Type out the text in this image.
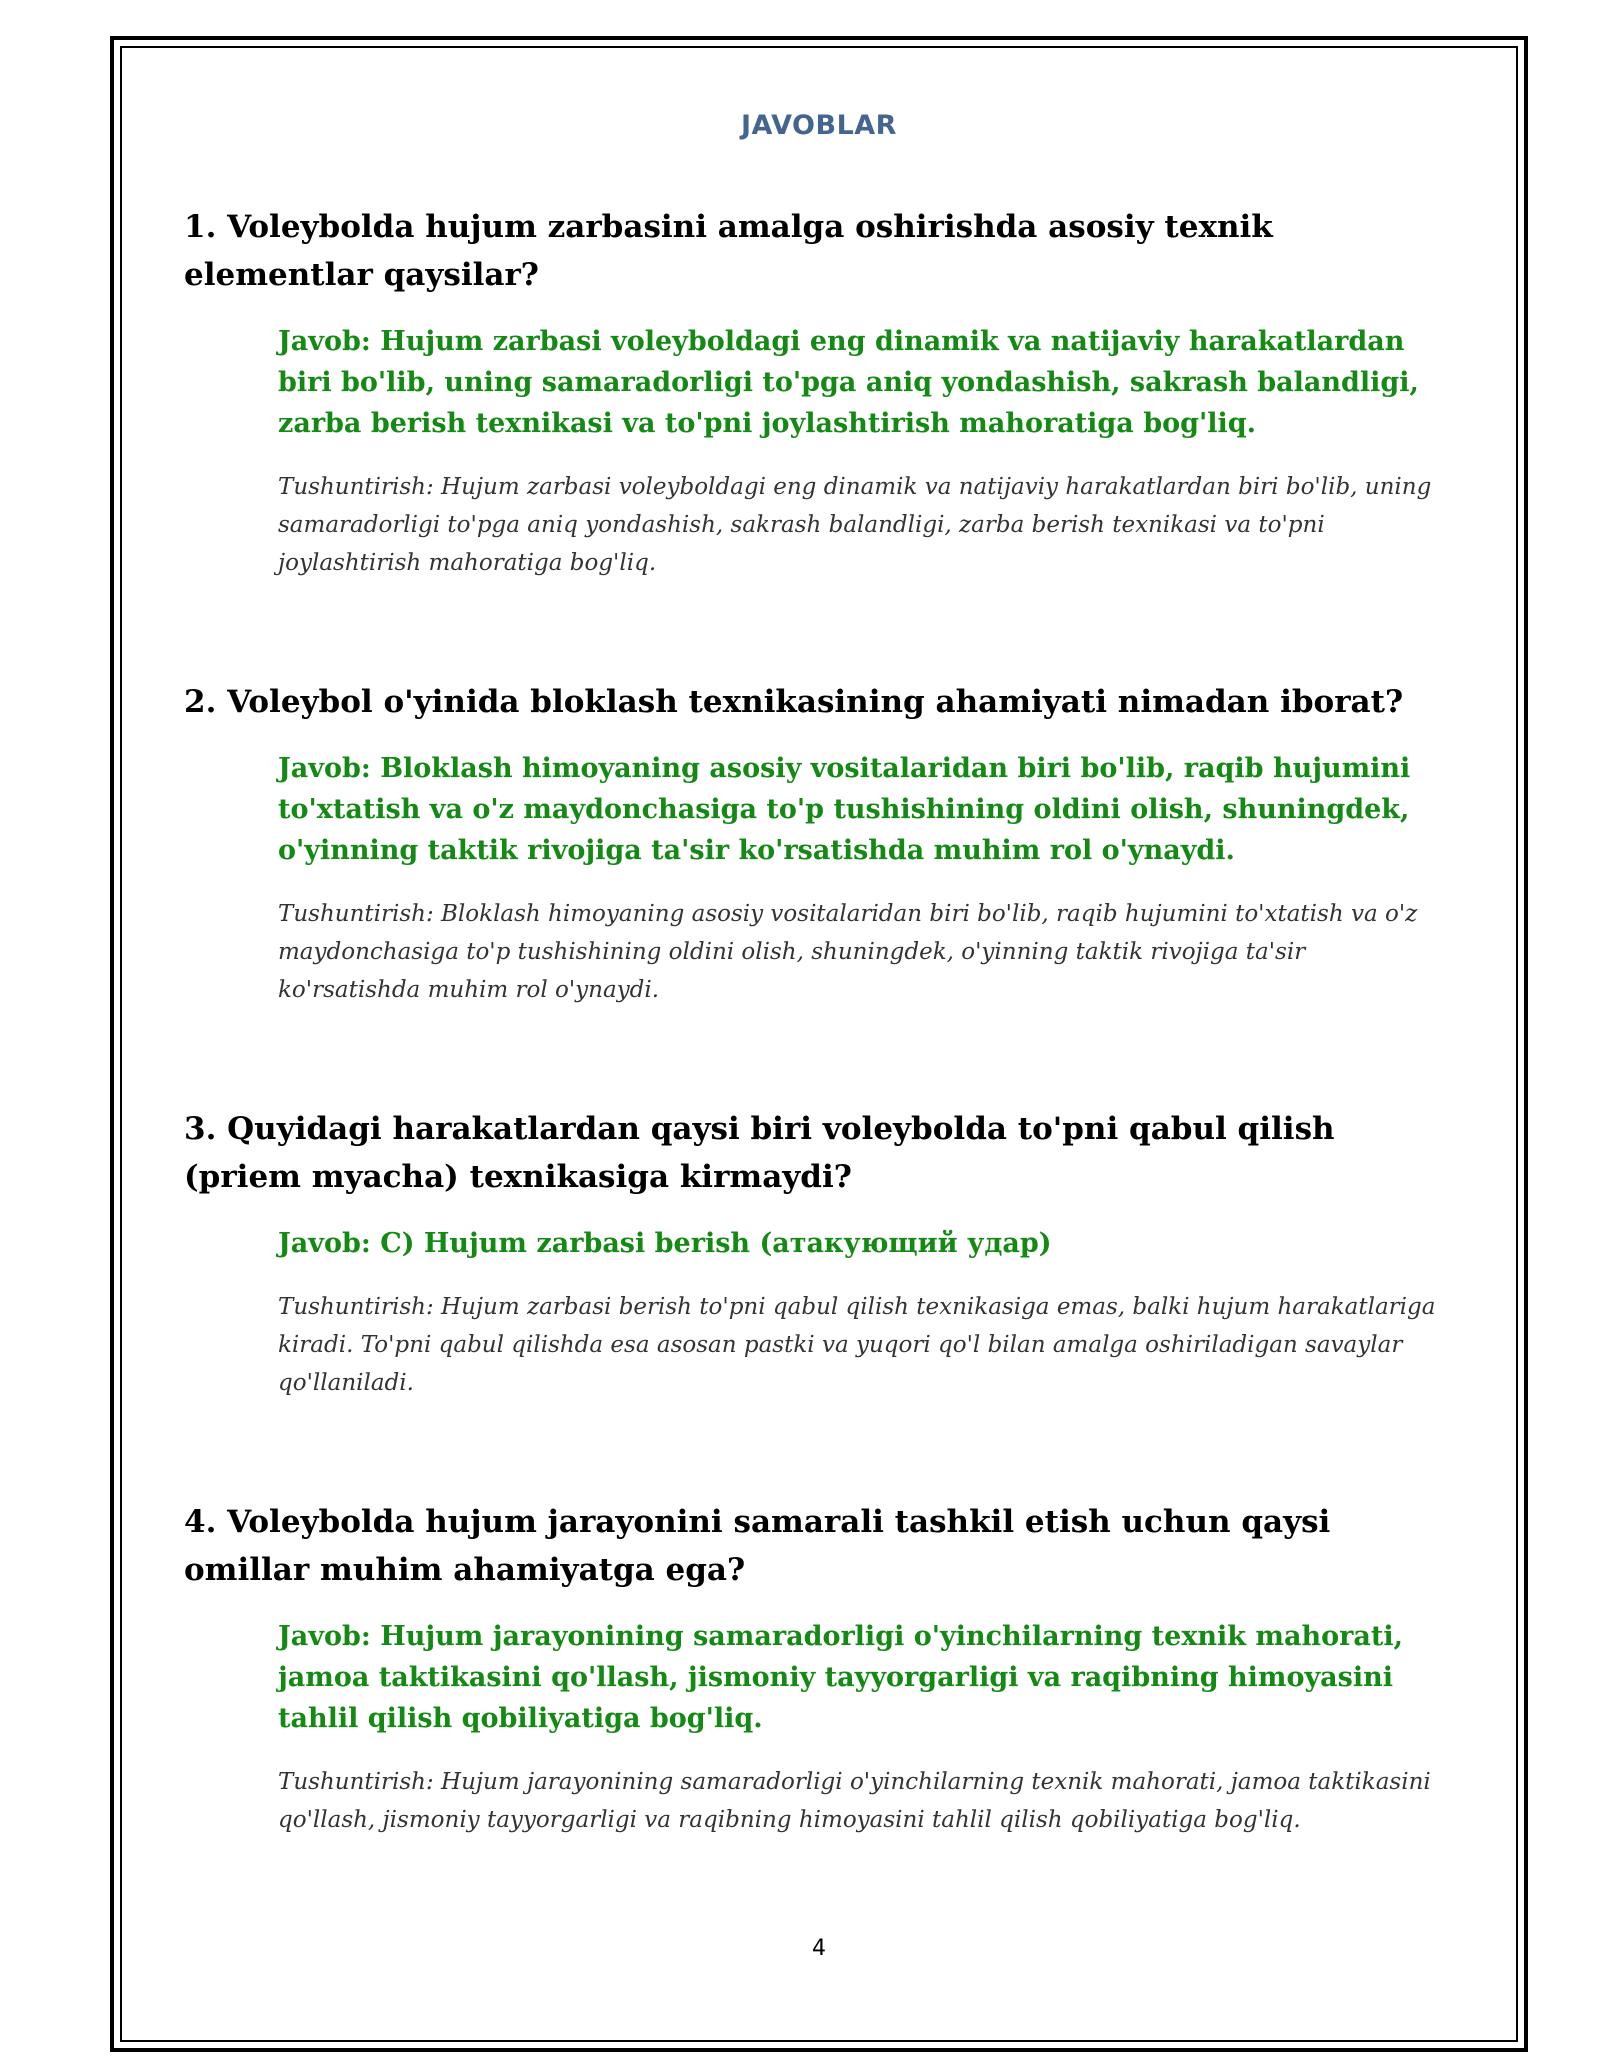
JAVOBLAR

1. Voleybolda hujum zarbasini amalga oshirishda asosiy texnik elementlar qaysilar?

Javob: Hujum zarbasi voleyboldagi eng dinamik va natijaviy harakatlardan biri bo'lib, uning samaradorligi to'pga aniq yondashish, sakrash balandligi, zarba berish texnikasi va to'pni joylashtirish mahoratiga bog'liq.
Tushuntirish: Hujum zarbasi voleyboldagi eng dinamik va natijaviy harakatlardan biri bo'lib, uning samaradorligi to'pga aniq yondashish, sakrash balandligi, zarba berish texnikasi va to'pni joylashtirish mahoratiga bog'liq.

2. Voleybol o'yinida bloklash texnikasining ahamiyati nimadan iborat?

Javob: Bloklash himoyaning asosiy vositalaridan biri bo'lib, raqib hujumini to'xtatish va o'z maydonchasiga to'p tushishining oldini olish, shuningdek, o'yinning taktik rivojiga ta'sir ko'rsatishda muhim rol o'ynaydi.
Tushuntirish: Bloklash himoyaning asosiy vositalaridan biri bo'lib, raqib hujumini to'xtatish va o'z maydonchasiga to'p tushishining oldini olish, shuningdek, o'yinning taktik rivojiga ta'sir ko'rsatishda muhim rol o'ynaydi.

3. Quyidagi harakatlardan qaysi biri voleybolda to'pni qabul qilish (priem myacha) texnikasiga kirmaydi?

Javob: C) Hujum zarbasi berish (атакующий удар)
Tushuntirish: Hujum zarbasi berish to'pni qabul qilish texnikasiga emas, balki hujum harakatlariga kiradi. To'pni qabul qilishda esa asosan pastki va yuqori qo'l bilan amalga oshiriladigan savaylar qo'llaniladi.

4. Voleybolda hujum jarayonini samarali tashkil etish uchun qaysi omillar muhim ahamiyatga ega?

Javob: Hujum jarayonining samaradorligi o'yinchilarning texnik mahorati, jamoa taktikasini qo'llash, jismoniy tayyorgarligi va raqibning himoyasini tahlil qilish qobiliyatiga bog'liq.
Tushuntirish: Hujum jarayonining samaradorligi o'yinchilarning texnik mahorati, jamoa taktikasini qo'llash, jismoniy tayyorgarligi va raqibning himoyasini tahlil qilish qobiliyatiga bog'liq.
4
